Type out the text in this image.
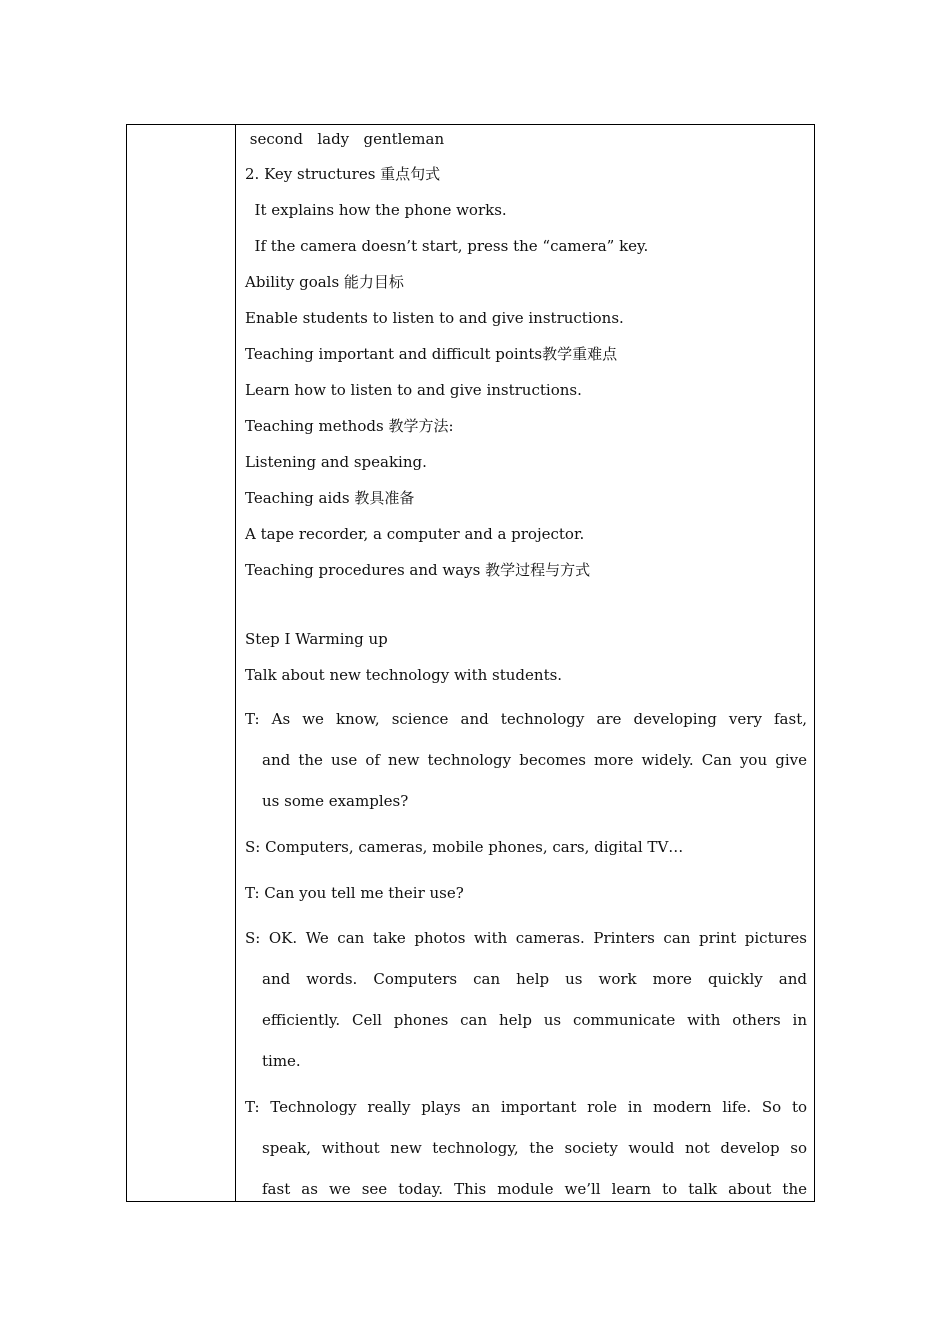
second   lady   gentleman
2. Key structures 重点句式
It explains how the phone works.
If the camera doesn’t start, press the “camera” key.
Ability goals 能力目标
Enable students to listen to and give instructions.
Teaching important and difficult points教学重难点
Learn how to listen to and give instructions.
Teaching methods 教学方法:
Listening and speaking.
Teaching aids 教具准备
A tape recorder, a computer and a projector.
Teaching procedures and ways 教学过程与方式
Step I Warming up
Talk about new technology with students.

T: As we know, science and technology are developing very fast,

and the use of new technology becomes more widely. Can you give

us some examples?

S: Computers, cameras, mobile phones, cars, digital TV…

T: Can you tell me their use?

S: OK. We can take photos with cameras. Printers can print pictures

and words. Computers can help us work more quickly and

efficiently. Cell phones can help us communicate with others in

time.

T: Technology really plays an important role in modern life. So to

speak, without new technology, the society would not develop so

fast as we see today. This module we’ll learn to talk about the
